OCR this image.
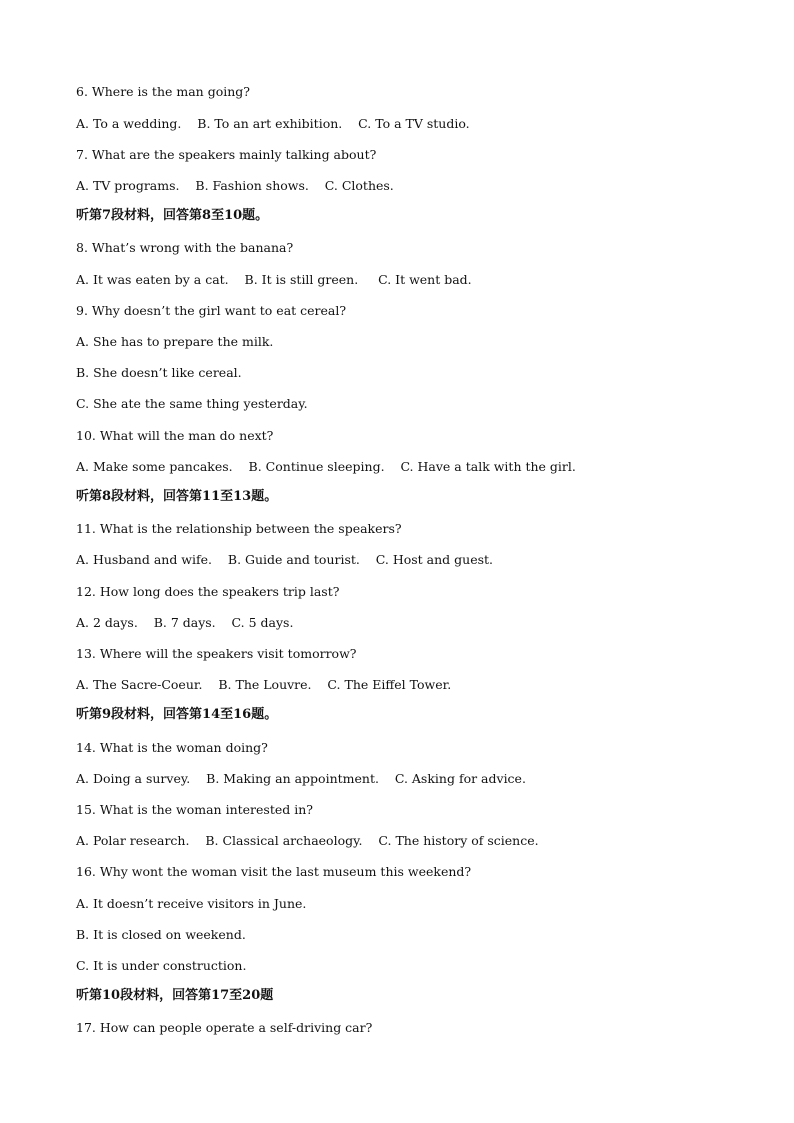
6. Where is the man going?
A. To a wedding.    B. To an art exhibition.    C. To a TV studio.
7. What are the speakers mainly talking about?
A. TV programs.    B. Fashion shows.    C. Clothes.
听第7段材料，回答第8至10题。
8. What’s wrong with the banana?
A. It was eaten by a cat.    B. It is still green.     C. It went bad.
9. Why doesn’t the girl want to eat cereal?
A. She has to prepare the milk.
B. She doesn’t like cereal.
C. She ate the same thing yesterday.
10. What will the man do next?
A. Make some pancakes.    B. Continue sleeping.    C. Have a talk with the girl.
听第8段材料，回答第11至13题。
11. What is the relationship between the speakers?
A. Husband and wife.    B. Guide and tourist.    C. Host and guest.
12. How long does the speakers trip last?
A. 2 days.    B. 7 days.    C. 5 days.
13. Where will the speakers visit tomorrow?
A. The Sacre-Coeur.    B. The Louvre.    C. The Eiffel Tower.
听第9段材料，回答第14至16题。
14. What is the woman doing?
A. Doing a survey.    B. Making an appointment.    C. Asking for advice.
15. What is the woman interested in?
A. Polar research.    B. Classical archaeology.    C. The history of science.
16. Why wont the woman visit the last museum this weekend?
A. It doesn’t receive visitors in June.
B. It is closed on weekend.
C. It is under construction.
听第10段材料，回答第17至20题
17. How can people operate a self-driving car?
